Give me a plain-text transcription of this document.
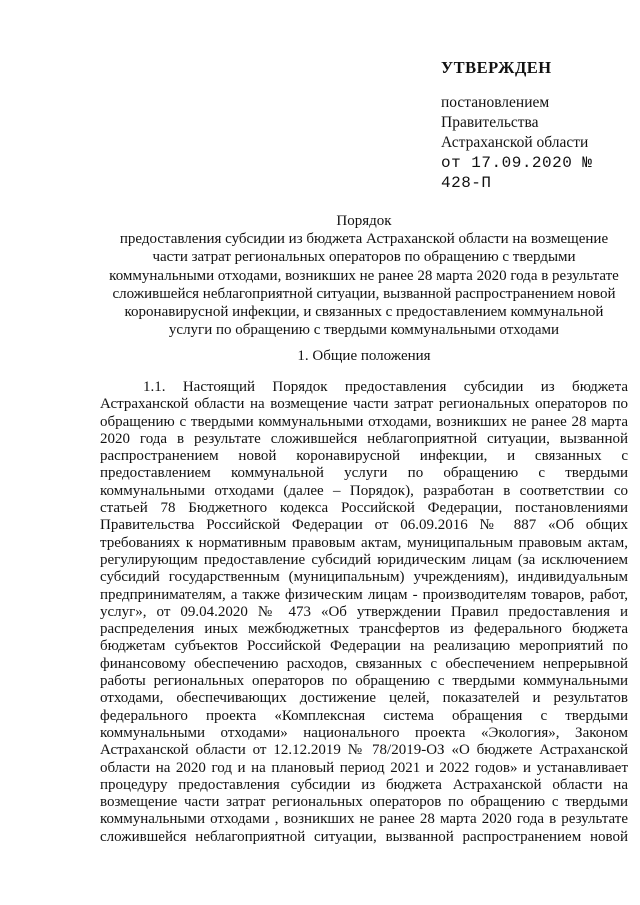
УТВЕРЖДЕН
постановлением
Правительства
Астраханской области
от 17.09.2020 № 428-П
Порядок
предоставления субсидии из бюджета Астраханской области на возмещение
части затрат региональных операторов по обращению с твердыми
коммунальными отходами, возникших не ранее 28 марта 2020 года в результате
сложившейся неблагоприятной ситуации, вызванной распространением новой
коронавирусной инфекции, и связанных с предоставлением коммунальной
услуги по обращению с твердыми коммунальными отходами
1. Общие положения
1.1. Настоящий Порядок предоставления субсидии из бюджета
Астраханской области на возмещение части затрат региональных операторов по
обращению с твердыми коммунальными отходами, возникших не ранее 28 марта
2020 года в результате сложившейся неблагоприятной ситуации, вызванной
распространением новой коронавирусной инфекции, и связанных с
предоставлением коммунальной услуги по обращению с твердыми
коммунальными отходами (далее – Порядок), разработан в соответствии со
статьей 78 Бюджетного кодекса Российской Федерации, постановлениями
Правительства Российской Федерации от 06.09.2016 № 887 «Об общих
требованиях к нормативным правовым актам, муниципальным правовым актам,
регулирующим предоставление субсидий юридическим лицам (за исключением
субсидий государственным (муниципальным) учреждениям), индивидуальным
предпринимателям, а также физическим лицам - производителям товаров, работ,
услуг», от 09.04.2020 № 473 «Об утверждении Правил предоставления и
распределения иных межбюджетных трансфертов из федерального бюджета
бюджетам субъектов Российской Федерации на реализацию мероприятий по
финансовому обеспечению расходов, связанных с обеспечением непрерывной
работы региональных операторов по обращению с твердыми коммунальными
отходами, обеспечивающих достижение целей, показателей и результатов
федерального проекта «Комплексная система обращения с твердыми
коммунальными отходами» национального проекта «Экология», Законом
Астраханской области от 12.12.2019 № 78/2019-ОЗ «О бюджете Астраханской
области на 2020 год и на плановый период 2021 и 2022 годов» и устанавливает
процедуру предоставления субсидии из бюджета Астраханской области на
возмещение части затрат региональных операторов по обращению с твердыми
коммунальными отходами , возникших не ранее 28 марта 2020 года в результате
сложившейся неблагоприятной ситуации, вызванной распространением новой
